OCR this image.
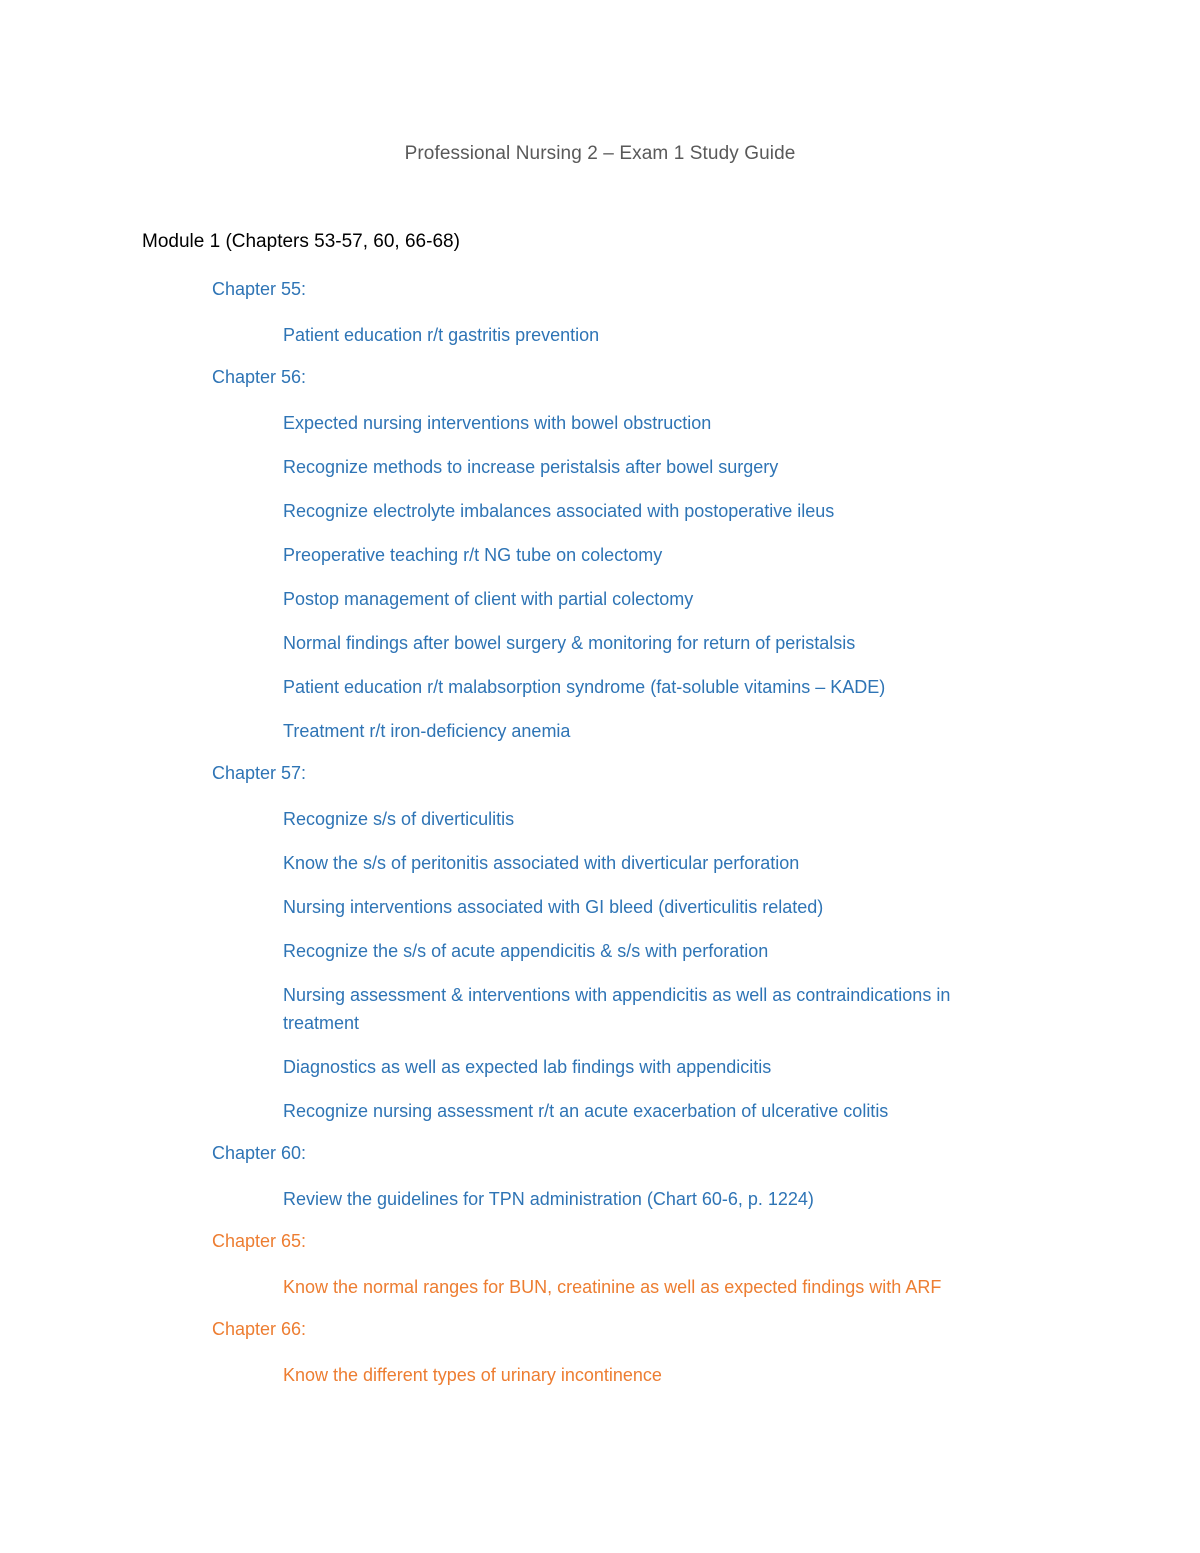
Professional Nursing 2 – Exam 1 Study Guide
Module 1 (Chapters 53-57, 60, 66-68)
Chapter 55:
Patient education r/t gastritis prevention
Chapter 56:
Expected nursing interventions with bowel obstruction
Recognize methods to increase peristalsis after bowel surgery
Recognize electrolyte imbalances associated with postoperative ileus
Preoperative teaching r/t NG tube on colectomy
Postop management of client with partial colectomy
Normal findings after bowel surgery & monitoring for return of peristalsis
Patient education r/t malabsorption syndrome (fat-soluble vitamins – KADE)
Treatment r/t iron-deficiency anemia
Chapter 57:
Recognize s/s of diverticulitis
Know the s/s of peritonitis associated with diverticular perforation
Nursing interventions associated with GI bleed (diverticulitis related)
Recognize the s/s of acute appendicitis & s/s with perforation
Nursing assessment & interventions with appendicitis as well as contraindications in treatment
Diagnostics as well as expected lab findings with appendicitis
Recognize nursing assessment r/t an acute exacerbation of ulcerative colitis
Chapter 60:
Review the guidelines for TPN administration (Chart 60-6, p. 1224)
Chapter 65:
Know the normal ranges for BUN, creatinine as well as expected findings with ARF
Chapter 66:
Know the different types of urinary incontinence
